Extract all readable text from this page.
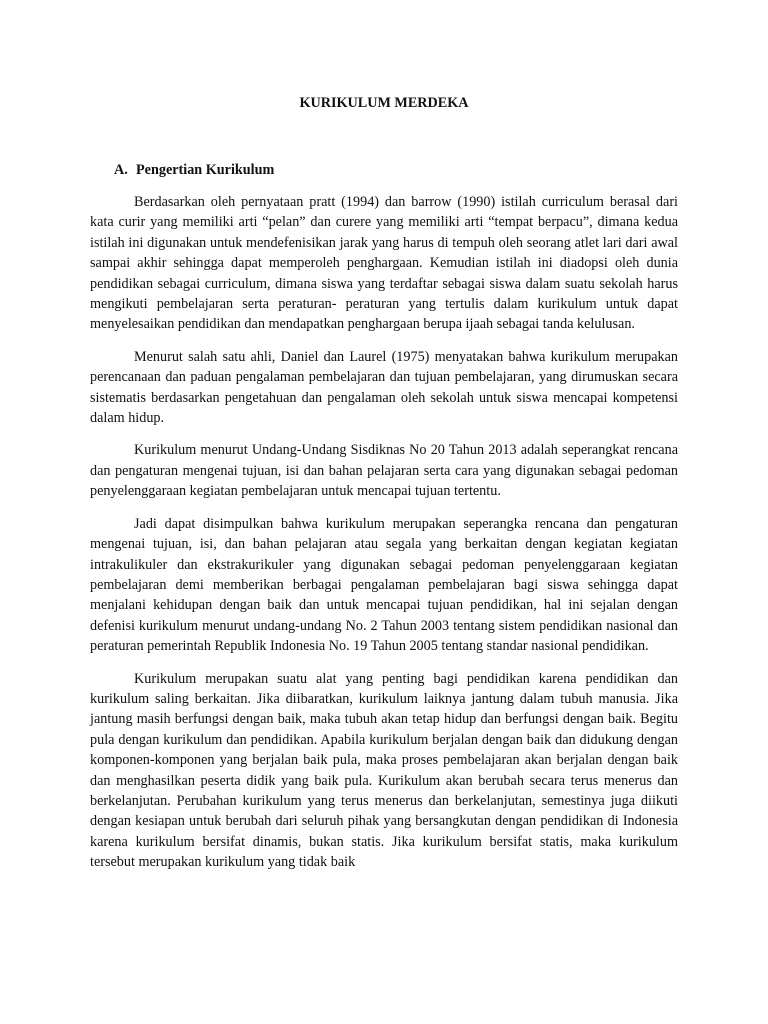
KURIKULUM MERDEKA
A. Pengertian Kurikulum

Berdasarkan oleh pernyataan pratt (1994) dan barrow (1990) istilah curriculum berasal dari kata curir yang memiliki arti “pelan” dan curere yang memiliki arti “tempat berpacu”, dimana kedua istilah ini digunakan untuk mendefenisikan jarak yang harus di tempuh oleh seorang atlet lari dari awal sampai akhir sehingga dapat memperoleh penghargaan. Kemudian istilah ini diadopsi oleh dunia pendidikan sebagai curriculum, dimana siswa yang terdaftar sebagai siswa dalam suatu sekolah harus mengikuti pembelajaran serta peraturan- peraturan yang tertulis dalam kurikulum untuk dapat menyelesaikan pendidikan dan mendapatkan penghargaan berupa ijaah sebagai tanda kelulusan.

Menurut salah satu ahli, Daniel dan Laurel (1975) menyatakan bahwa kurikulum merupakan perencanaan dan paduan pengalaman pembelajaran dan tujuan pembelajaran, yang dirumuskan secara sistematis berdasarkan pengetahuan dan pengalaman oleh sekolah untuk siswa mencapai kompetensi dalam hidup.

Kurikulum menurut Undang-Undang Sisdiknas No 20 Tahun 2013 adalah seperangkat rencana dan pengaturan mengenai tujuan, isi dan bahan pelajaran serta cara yang digunakan sebagai pedoman penyelenggaraan kegiatan pembelajaran untuk mencapai tujuan tertentu.

Jadi dapat disimpulkan bahwa kurikulum merupakan seperangka rencana dan pengaturan mengenai tujuan, isi, dan bahan pelajaran atau segala yang berkaitan dengan kegiatan kegiatan intrakulikuler dan ekstrakurikuler yang digunakan sebagai pedoman penyelenggaraan kegiatan pembelajaran demi memberikan berbagai pengalaman pembelajaran bagi siswa sehingga dapat menjalani kehidupan dengan baik dan untuk mencapai tujuan pendidikan, hal ini sejalan dengan defenisi kurikulum menurut undang-undang No. 2 Tahun 2003 tentang sistem pendidikan nasional dan peraturan pemerintah Republik Indonesia No. 19 Tahun 2005 tentang standar nasional pendidikan.

Kurikulum merupakan suatu alat yang penting bagi pendidikan karena pendidikan dan kurikulum saling berkaitan. Jika diibaratkan, kurikulum laiknya jantung dalam tubuh manusia. Jika jantung masih berfungsi dengan baik, maka tubuh akan tetap hidup dan berfungsi dengan baik. Begitu pula dengan kurikulum dan pendidikan. Apabila kurikulum berjalan dengan baik dan didukung dengan komponen-komponen yang berjalan baik pula, maka proses pembelajaran akan berjalan dengan baik dan menghasilkan peserta didik yang baik pula. Kurikulum akan berubah secara terus menerus dan berkelanjutan. Perubahan kurikulum yang terus menerus dan berkelanjutan, semestinya juga diikuti dengan kesiapan untuk berubah dari seluruh pihak yang bersangkutan dengan pendidikan di Indonesia karena kurikulum bersifat dinamis, bukan statis. Jika kurikulum bersifat statis, maka kurikulum tersebut merupakan kurikulum yang tidak baik
